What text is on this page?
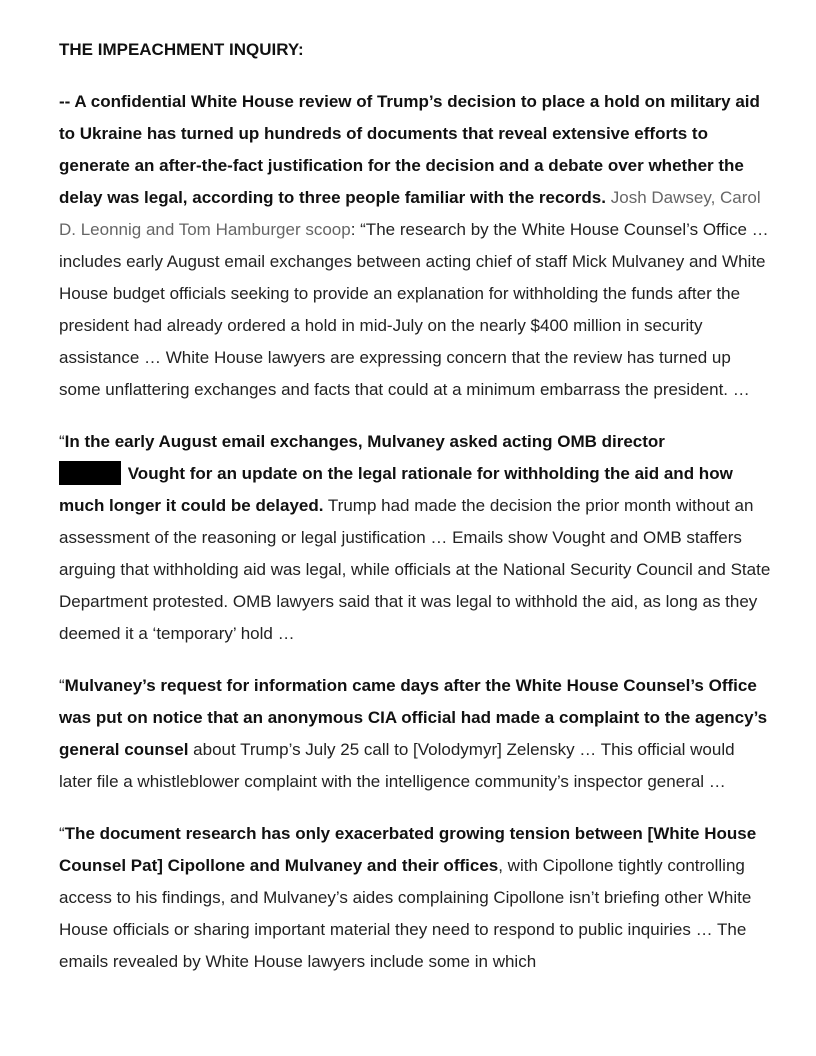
THE IMPEACHMENT INQUIRY:

-- A confidential White House review of Trump’s decision to place a hold on military aid to Ukraine has turned up hundreds of documents that reveal extensive efforts to generate an after-the-fact justification for the decision and a debate over whether the delay was legal, according to three people familiar with the records. Josh Dawsey, Carol D. Leonnig and Tom Hamburger scoop: “The research by the White House Counsel’s Office … includes early August email exchanges between acting chief of staff Mick Mulvaney and White House budget officials seeking to provide an explanation for withholding the funds after the president had already ordered a hold in mid-July on the nearly $400 million in security assistance … White House lawyers are expressing concern that the review has turned up some unflattering exchanges and facts that could at a minimum embarrass the president. …

“In the early August email exchanges, Mulvaney asked acting OMB director
Vought for an update on the legal rationale for withholding the aid and how much longer it could be delayed. Trump had made the decision the prior month without an assessment of the reasoning or legal justification … Emails show Vought and OMB staffers arguing that withholding aid was legal, while officials at the National Security Council and State Department protested. OMB lawyers said that it was legal to withhold the aid, as long as they deemed it a ‘temporary’ hold …

“Mulvaney’s request for information came days after the White House Counsel’s Office was put on notice that an anonymous CIA official had made a complaint to the agency’s general counsel about Trump’s July 25 call to [Volodymyr] Zelensky … This official would later file a whistleblower complaint with the intelligence community’s inspector general …

“The document research has only exacerbated growing tension between [White House Counsel Pat] Cipollone and Mulvaney and their offices, with Cipollone tightly controlling access to his findings, and Mulvaney’s aides complaining Cipollone isn’t briefing other White House officials or sharing important material they need to respond to public inquiries … The emails revealed by White House lawyers include some in which
